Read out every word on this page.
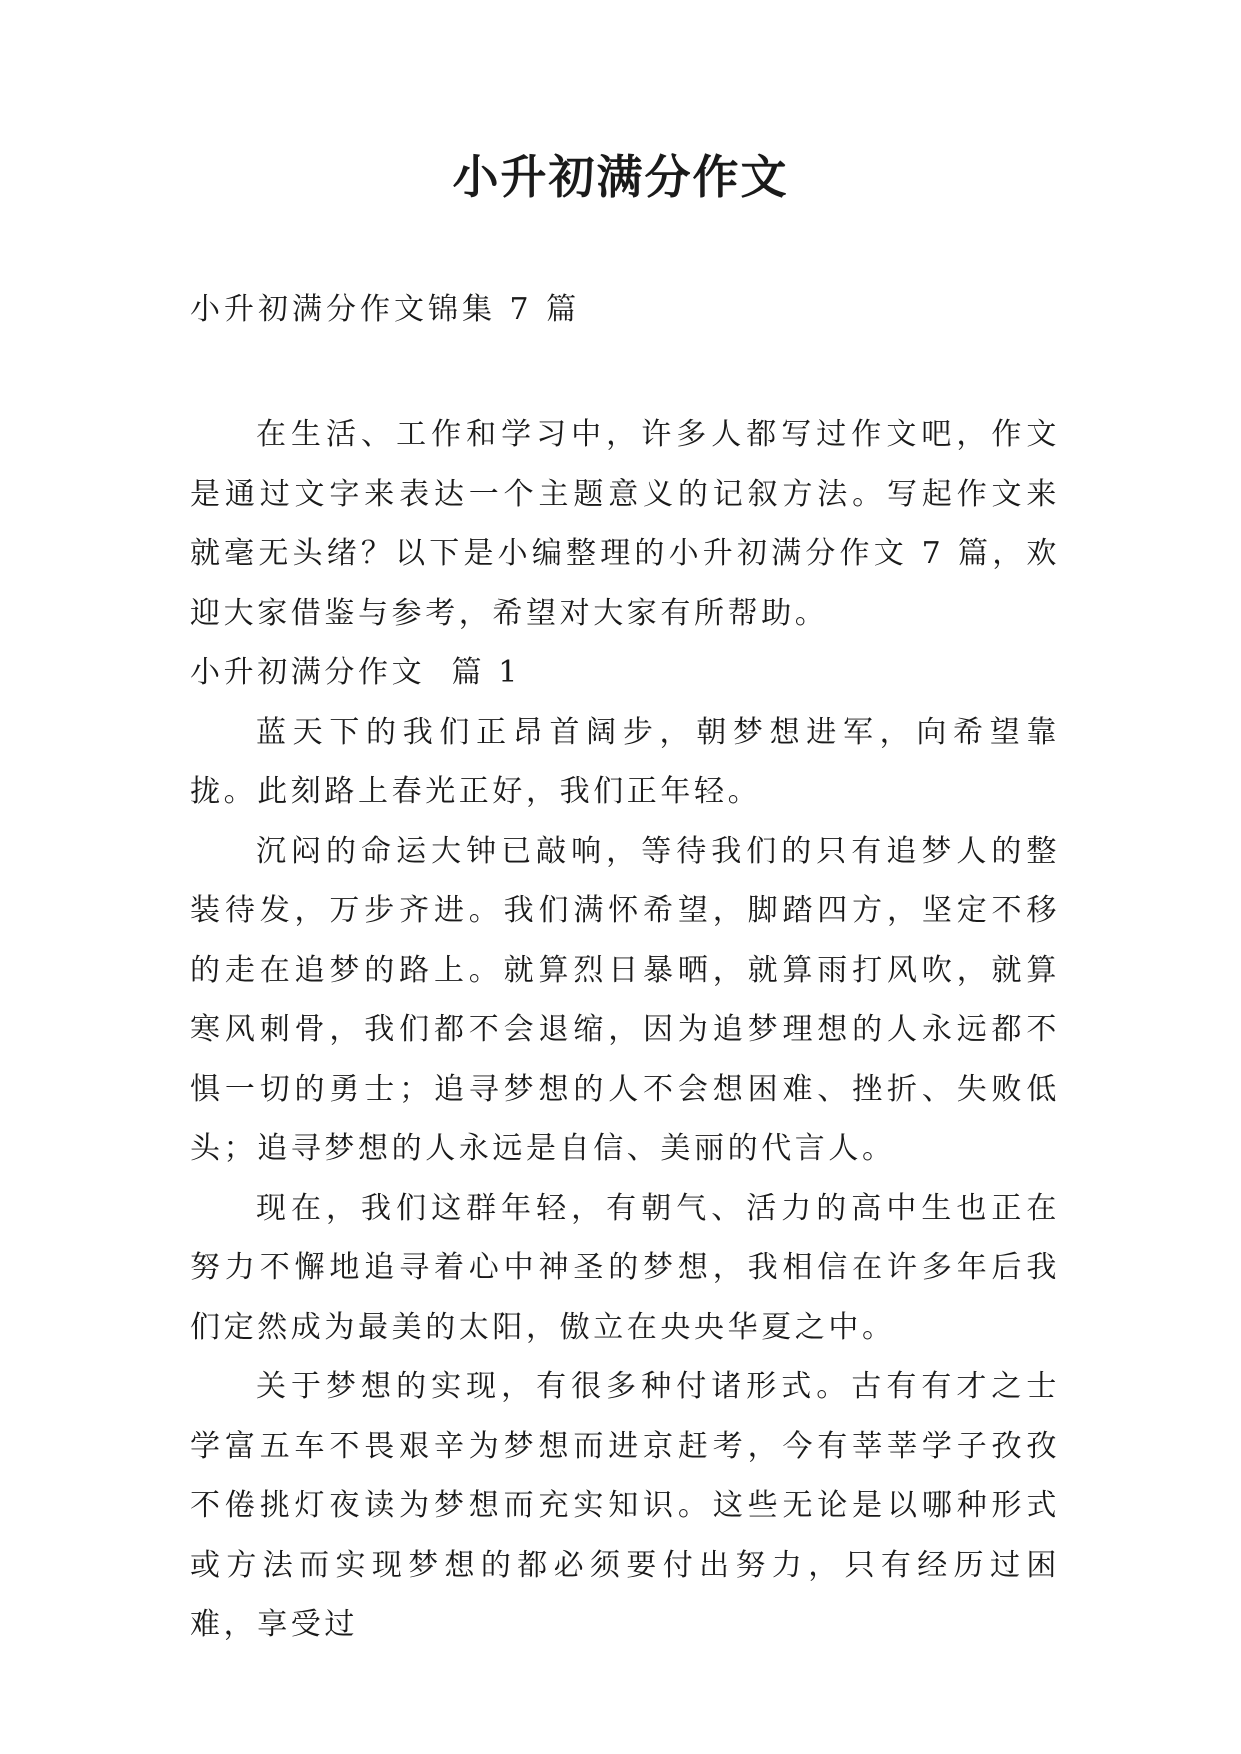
小升初满分作文
小升初满分作文锦集 7 篇

在生活、工作和学习中，许多人都写过作文吧，作文是通过文字来表达一个主题意义的记叙方法。写起作文来就毫无头绪？以下是小编整理的小升初满分作文 7 篇，欢迎大家借鉴与参考，希望对大家有所帮助。

小升初满分作文  篇 1

蓝天下的我们正昂首阔步，朝梦想进军，向希望靠拢。此刻路上春光正好，我们正年轻。

沉闷的命运大钟已敲响，等待我们的只有追梦人的整装待发，万步齐进。我们满怀希望，脚踏四方，坚定不移的走在追梦的路上。就算烈日暴晒，就算雨打风吹，就算寒风刺骨，我们都不会退缩，因为追梦理想的人永远都不惧一切的勇士；追寻梦想的人不会想困难、挫折、失败低头；追寻梦想的人永远是自信、美丽的代言人。

现在，我们这群年轻，有朝气、活力的高中生也正在努力不懈地追寻着心中神圣的梦想，我相信在许多年后我们定然成为最美的太阳，傲立在央央华夏之中。

关于梦想的实现，有很多种付诸形式。古有有才之士学富五车不畏艰辛为梦想而进京赶考，今有莘莘学子孜孜不倦挑灯夜读为梦想而充实知识。这些无论是以哪种形式或方法而实现梦想的都必须要付出努力，只有经历过困难，享受过
